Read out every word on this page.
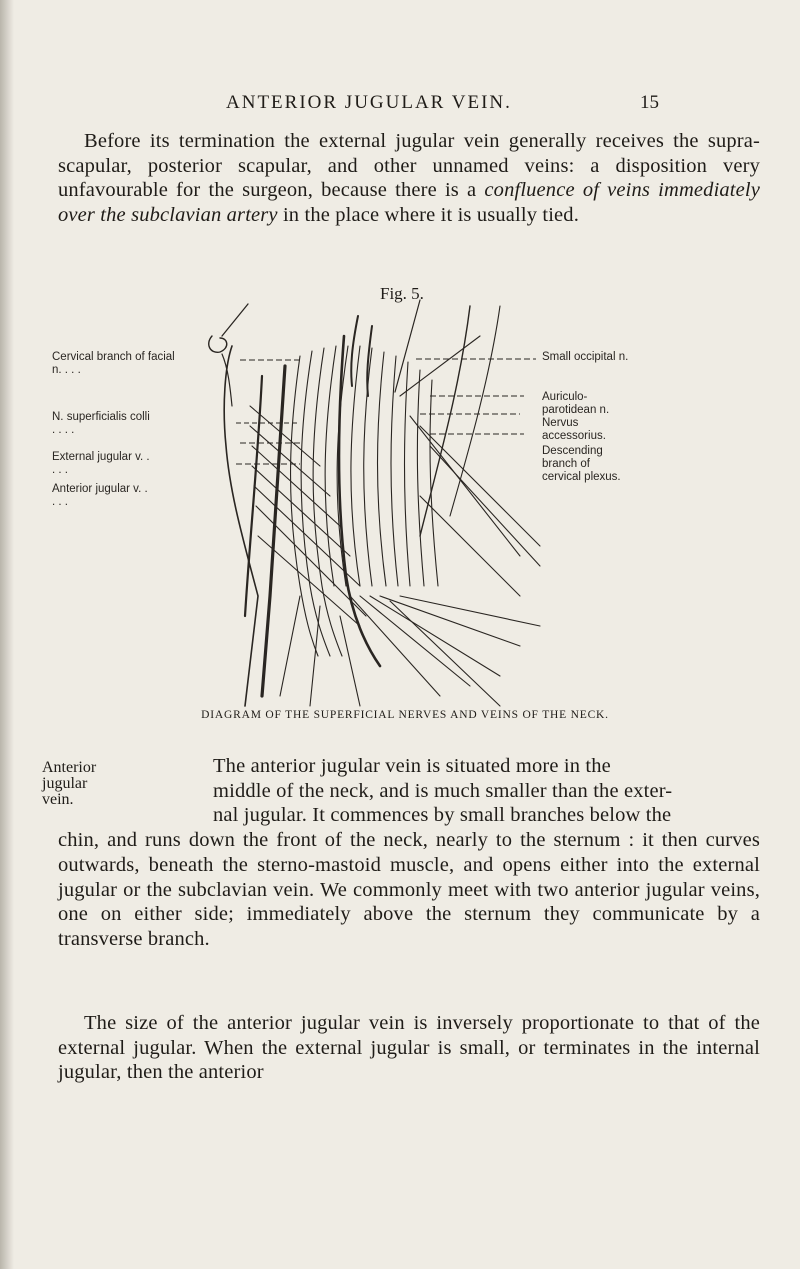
ANTERIOR JUGULAR VEIN.	15
Before its termination the external jugular vein generally receives the supra-scapular, posterior scapular, and other unnamed veins: a disposition very unfavourable for the surgeon, because there is a confluence of veins immediately over the subclavian artery in the place where it is usually tied.
Fig. 5.
Cervical branch of facial n. . . .
N. superficialis colli . . . .
External jugular v. . . . .
Anterior jugular v. . . . .
Small occipital n.
Auriculo-parotidean n.
Nervus accessorius.
Descending branch of cervical plexus.
DIAGRAM OF THE SUPERFICIAL NERVES AND VEINS OF THE NECK.
Anterior jugular vein.
The anterior jugular vein is situated more in the
middle of the neck, and is much smaller than the exter-
nal jugular. It commences by small branches below the
chin, and runs down the front of the neck, nearly to the sternum : it then curves outwards, beneath the sterno-mastoid muscle, and opens either into the external jugular or the subclavian vein. We commonly meet with two anterior jugular veins, one on either side; immediately above the sternum they communicate by a transverse branch.
The size of the anterior jugular vein is inversely proportionate to that of the external jugular. When the external jugular is small, or terminates in the internal jugular, then the anterior
